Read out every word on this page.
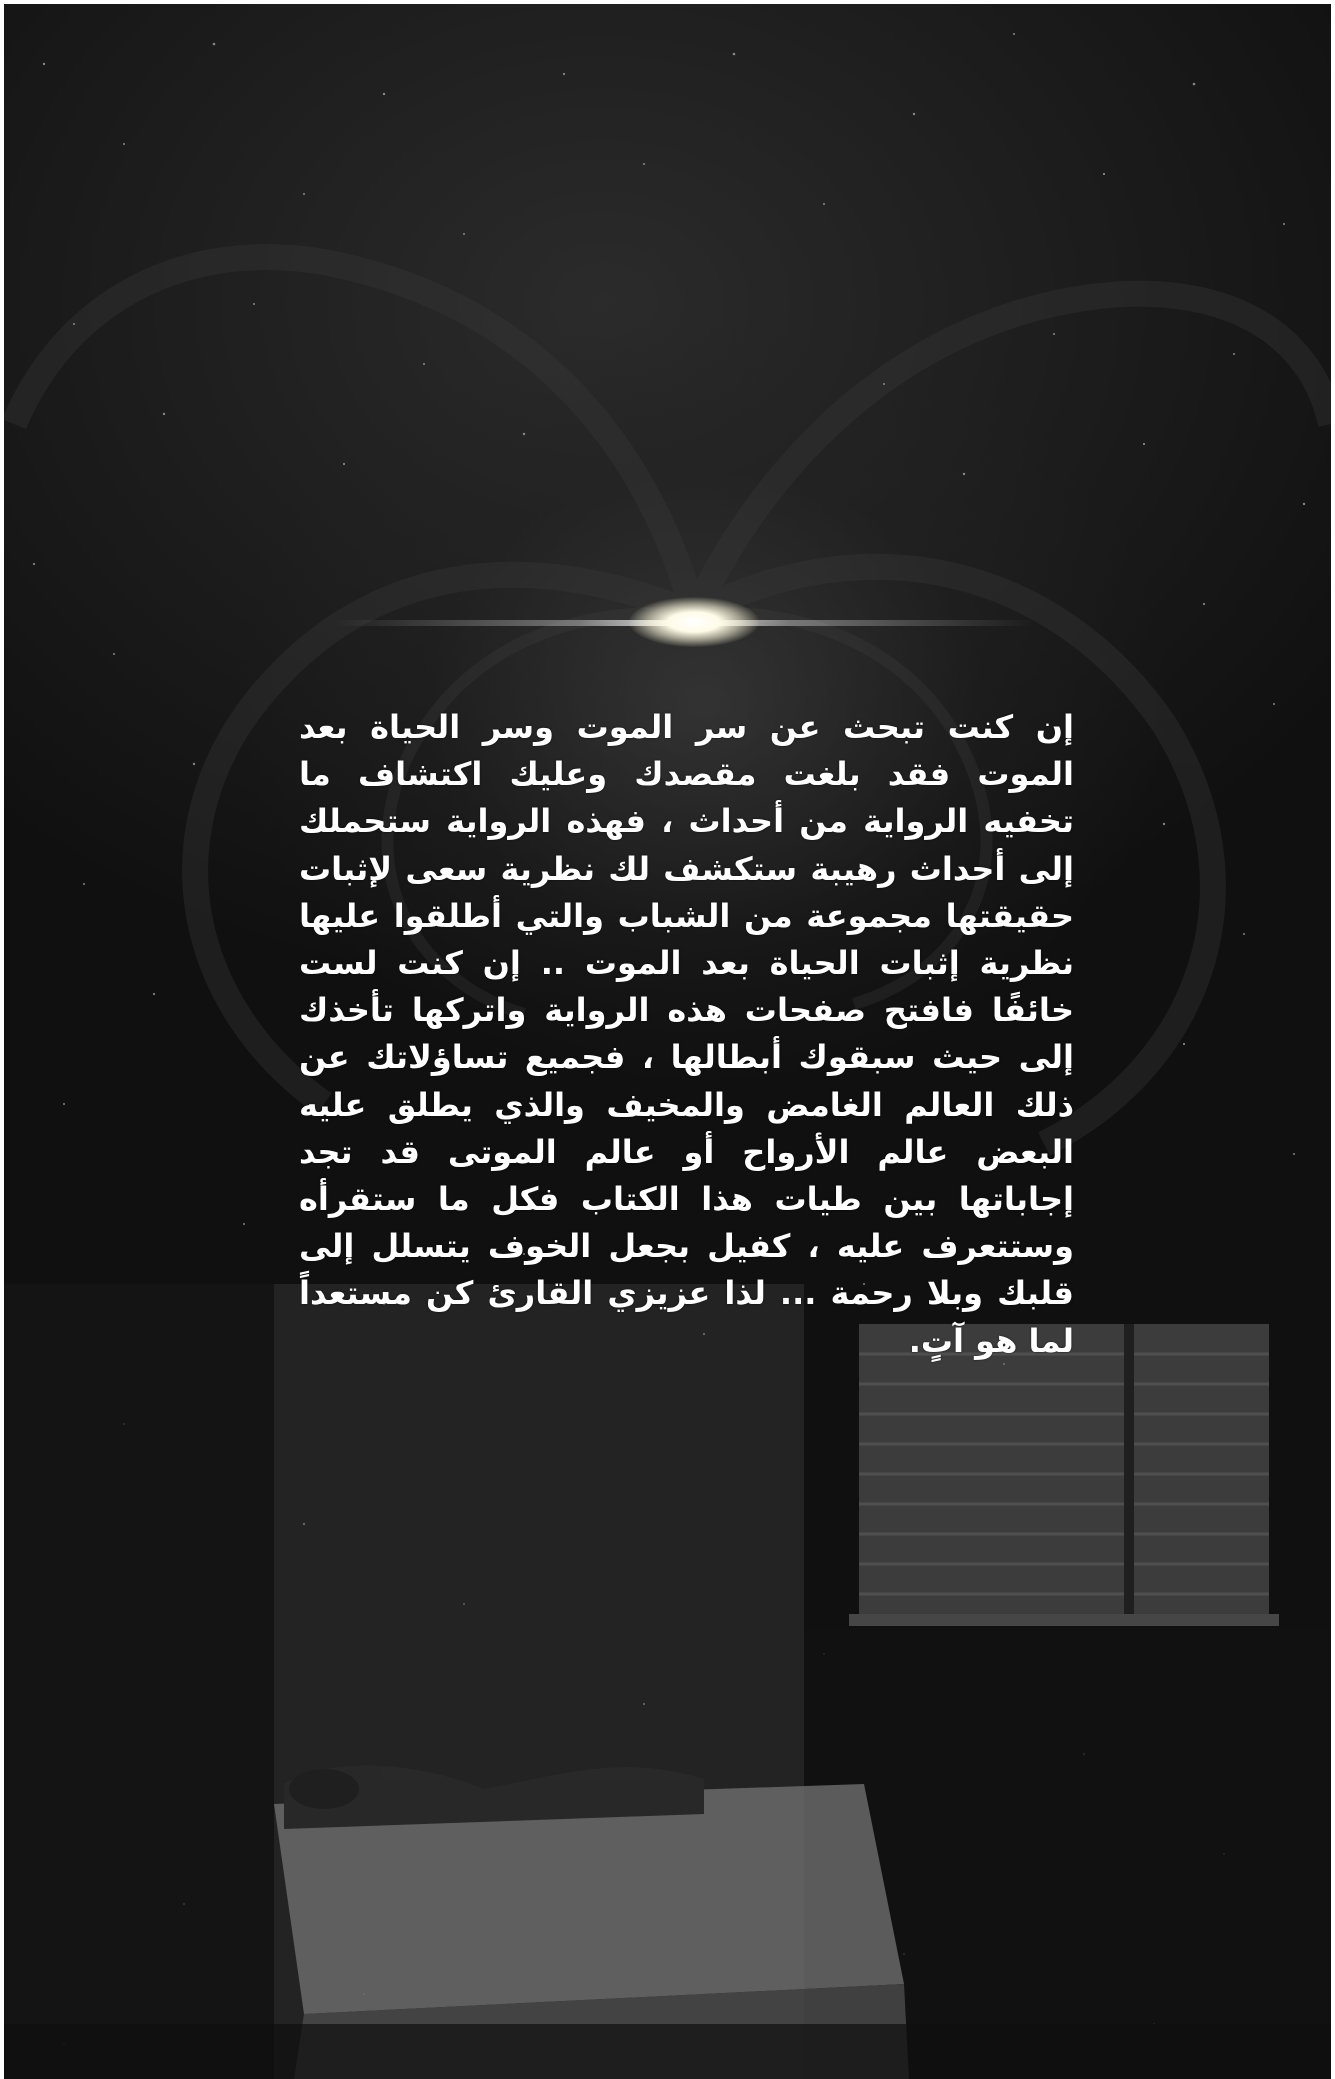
إن كنت تبحث عن سر الموت وسر الحياة بعد الموت فقد بلغت مقصدك وعليك اكتشاف ما تخفيه الرواية من أحداث ، فهذه الرواية ستحملك إلى أحداث رهيبة ستكشف لك نظرية سعى لإثبات حقيقتها مجموعة من الشباب والتي أطلقوا عليها نظرية إثبات الحياة بعد الموت .. إن كنت لست خائفًا فافتح صفحات هذه الرواية واتركها تأخذك إلى حيث سبقوك أبطالها ، فجميع تساؤلاتك عن ذلك العالم الغامض والمخيف والذي يطلق عليه البعض عالم الأرواح أو عالم الموتى قد تجد إجاباتها بين طيات هذا الكتاب فكل ما ستقرأه وستتعرف عليه ، كفيل بجعل الخوف يتسلل إلى قلبك وبلا رحمة ... لذا عزيزي القارئ كن مستعداً لما هو آتٍ.
